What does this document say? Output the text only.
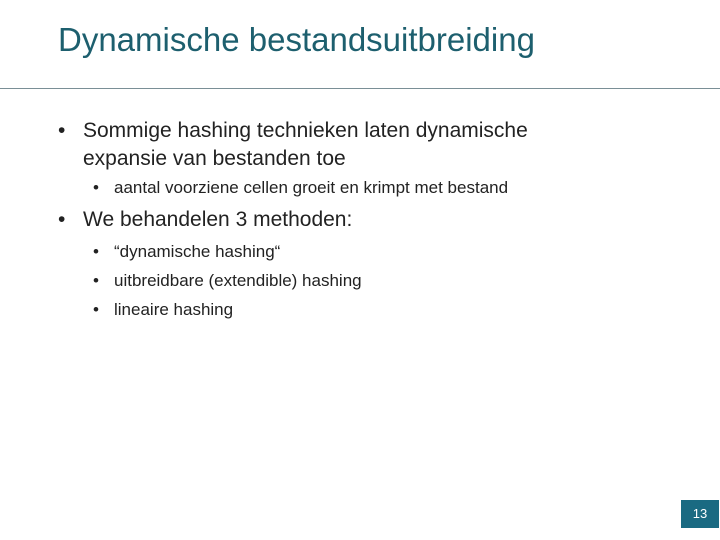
Dynamische bestandsuitbreiding
• Sommige hashing technieken laten dynamische
expansie van bestanden toe
• aantal voorziene cellen groeit en krimpt met bestand
• We behandelen 3 methoden:
• “dynamische hashing“
• uitbreidbare (extendible) hashing
• lineaire hashing
13
